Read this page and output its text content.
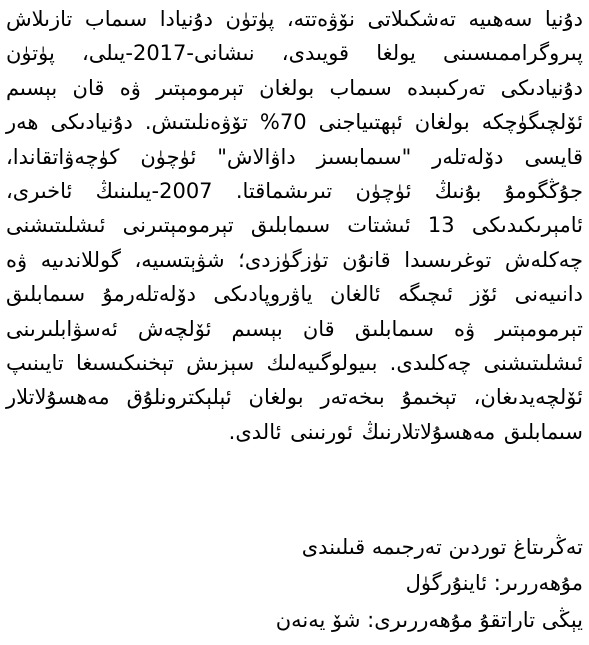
دۇنيا سەھىيە تەشكىلاتى نۆۋەتتە، پۈتۈن دۇنيادا سىماب تازىلاش پىروگراممىسىنى يولغا قويىدى، نىشانى-2017-يىلى، پۈتۈن دۇنيادىكى تەركىبىدە سىماب بولغان تېرمومېتىر ۋە قان بېسىم ئۆلچىگۈچكە بولغان ئېھتىياجنى 70% تۆۋەنلىتىش. دۇنيادىكى ھەر قايسى دۆلەتلەر "سىمابسىز داۋالاش" ئۈچۈن كۈچەۋاتقاندا، جۇڭگومۇ بۇنىڭ ئۈچۈن تىرىشماقتا. 2007-يىلىنىڭ ئاخىرى، ئامېرىكىدىكى 13 ئىشتات سىمابلىق تېرمومېتىرنى ئىشلىتىشنى چەكلەش توغرىسىدا قانۇن تۈزگۈزدى؛ شۋېتسىيە، گوللاندىيە ۋە دانىيەنى ئۆز ئىچىگە ئالغان ياۋروپادىكى دۆلەتلەرمۇ سىمابلىق تېرمومېتىر ۋە سىمابلىق قان بېسىم ئۆلچەش ئەسۋابلىرىنى ئىشلىتىشنى چەكلىدى. بىيولوگىيەلىك سېزىش تېخنىكىسىغا تايىنىپ ئۆلچەيدىغان، تېخىمۇ بىخەتەر بولغان ئېلېكترونلۇق مەھسۇلاتلار سىمابلىق مەھسۇلاتلارنىڭ ئورنىنى ئالدى.

تەڭرىتاغ توردىن تەرجىمە قىلىندى

مۇھەررىر: ئاينۇرگۈل

يېڭى تاراتقۇ مۇھەررىرى: شۆ يەنەن
